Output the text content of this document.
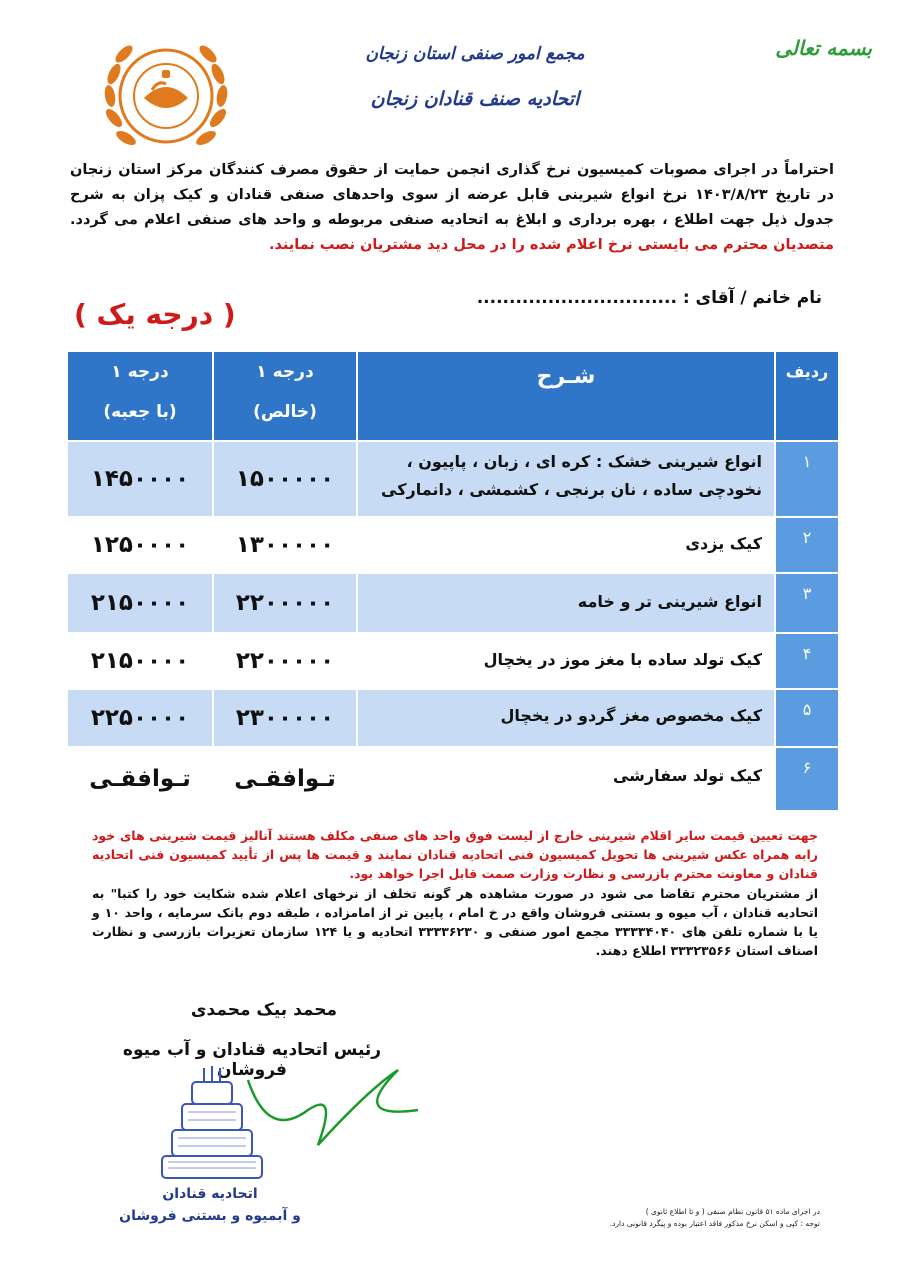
بسمه تعالی
مجمع امور صنفی استان زنجان
اتحادیه صنف قنادان زنجان
احتراماً در اجرای مصوبات کمیسیون نرخ گذاری انجمن حمایت از حقوق مصرف کنندگان مرکز استان زنجان در تاریخ ۱۴۰۳/۸/۲۳ نرخ انواع شیرینی قابل عرضه از سوی واحدهای صنفی قنادان و کیک پزان به شرح جدول ذیل جهت اطلاع ، بهره برداری و ابلاغ به اتحادیه صنفی مربوطه و واحد های صنفی اعلام می گردد. متصدیان محترم می بایستی نرخ اعلام شده را در محل دید مشتریان نصب نمایند.
نام خانم / آقای : ...............................
( درجه یک )
ردیف
شـرح
درجه ۱
(خالص)
درجه ۱
(با جعبه)
۱
انواع شیرینی خشک : کره ای ، زبان ، پاپیون ، نخودچی ساده ، نان برنجی ، کشمشی ، دانمارکی
۱۵۰۰۰۰۰
۱۴۵۰۰۰۰
۲
کیک یزدی
۱۳۰۰۰۰۰
۱۲۵۰۰۰۰
۳
انواع شیرینی تر و خامه
۲۲۰۰۰۰۰
۲۱۵۰۰۰۰
۴
کیک تولد ساده با مغز موز در یخچال
۲۲۰۰۰۰۰
۲۱۵۰۰۰۰
۵
کیک مخصوص مغز گردو در یخچال
۲۳۰۰۰۰۰
۲۲۵۰۰۰۰
۶
کیک تولد سفارشی
تـوافقـی
تـوافقـی
جهت تعیین قیمت سایر اقلام شیرینی خارج از لیست فوق واحد های صنفی مکلف هستند آنالیز قیمت شیرینی های خود رابه همراه عکس شیرینی ها تحویل کمیسیون فنی اتحادیه قنادان نمایند و قیمت ها پس از تأیید کمیسیون فنی اتحادیه قنادان و معاونت محترم بازرسی و نظارت وزارت صمت قابل اجرا خواهد بود.
از مشتریان محترم تقاضا می شود در صورت مشاهده هر گونه تخلف از نرخهای اعلام شده شکایت خود را کتبا" به اتحادیه قنادان ، آب میوه و بستنی فروشان واقع در خ امام ، پایین تر از امامزاده ، طبقه دوم بانک سرمایه ، واحد ۱۰ و یا با شماره تلفن های ۳۳۳۳۴۰۴۰ مجمع امور صنفی و ۳۳۳۳۶۲۳۰ اتحادیه و یا ۱۲۴ سازمان تعزیرات بازرسی و نظارت اصناف استان ۳۳۳۲۳۵۶۶ اطلاع دهند.
محمد بیک محمدی
رئیس اتحادیه قنادان و آب میوه فروشان
اتحادیه قنادان
و آبمیوه و بستنی فروشان	در اجرای ماده ۵۱ قانون نظام صنفی ( و تا اطلاع ثانوی )
توجه : کپی و اسکن نرخ مذکور فاقد اعتبار بوده و پیگرد قانونی دارد.
